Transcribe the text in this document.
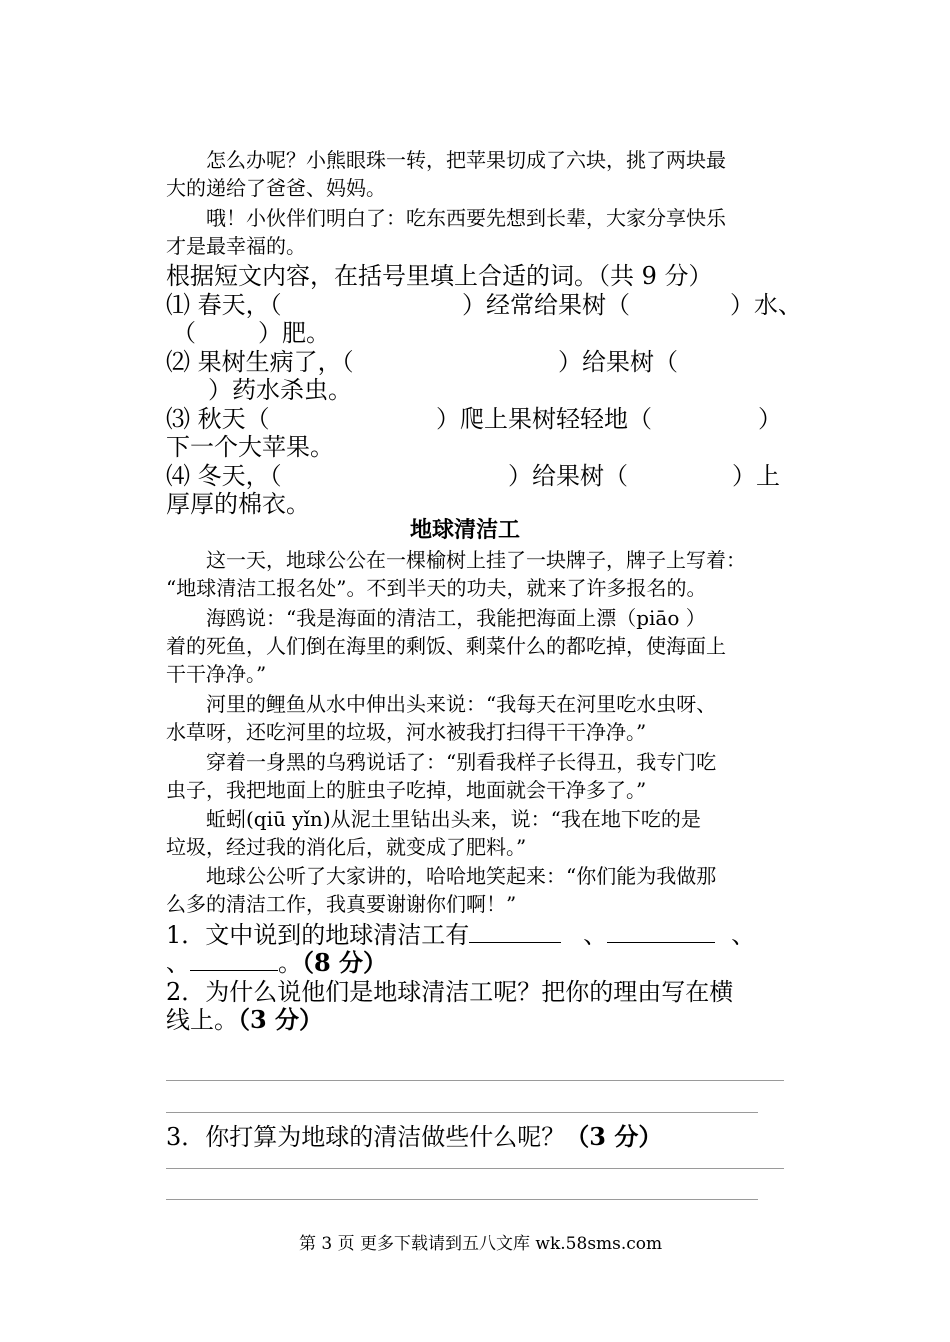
怎么办呢？小熊眼珠一转，把苹果切成了六块，挑了两块最
大的递给了爸爸、妈妈。
哦！小伙伴们明白了：吃东西要先想到长辈，大家分享快乐
才是最幸福的。
根据短文内容，在括号里填上合适的词。（共 9 分）
⑴ 春天，（	）经常给果树（	）水、
（	）肥。
⑵ 果树生病了，（	）给果树（
）药水杀虫。
⑶ 秋天（	）爬上果树轻轻地（	）
下一个大苹果。
⑷ 冬天，（	）给果树（	）上
厚厚的棉衣。
地球清洁工
这一天，地球公公在一棵榆树上挂了一块牌子，牌子上写着：
“地球清洁工报名处”。不到半天的功夫，就来了许多报名的。
海鸥说：“我是海面的清洁工，我能把海面上漂（piāo ）
着的死鱼，人们倒在海里的剩饭、剩菜什么的都吃掉，使海面上
干干净净。”
河里的鲤鱼从水中伸出头来说：“我每天在河里吃水虫呀、
水草呀，还吃河里的垃圾，河水被我打扫得干干净净。”
穿着一身黑的乌鸦说话了：“别看我样子长得丑，我专门吃
虫子，我把地面上的脏虫子吃掉，地面就会干净多了。”
蚯蚓(qiū yǐn)从泥土里钻出头来，说：“我在地下吃的是
垃圾，经过我的消化后，就变成了肥料。”
地球公公听了大家讲的，哈哈地笑起来：“你们能为我做那
么多的清洁工作，我真要谢谢你们啊！”
1．文中说到的地球清洁工有	、	、
、	。（8 分）
2．为什么说他们是地球清洁工呢？把你的理由写在横
线上。（3 分）
3．你打算为地球的清洁做些什么呢？（3 分）
第 3 页 更多下载请到五八文库 wk.58sms.com
